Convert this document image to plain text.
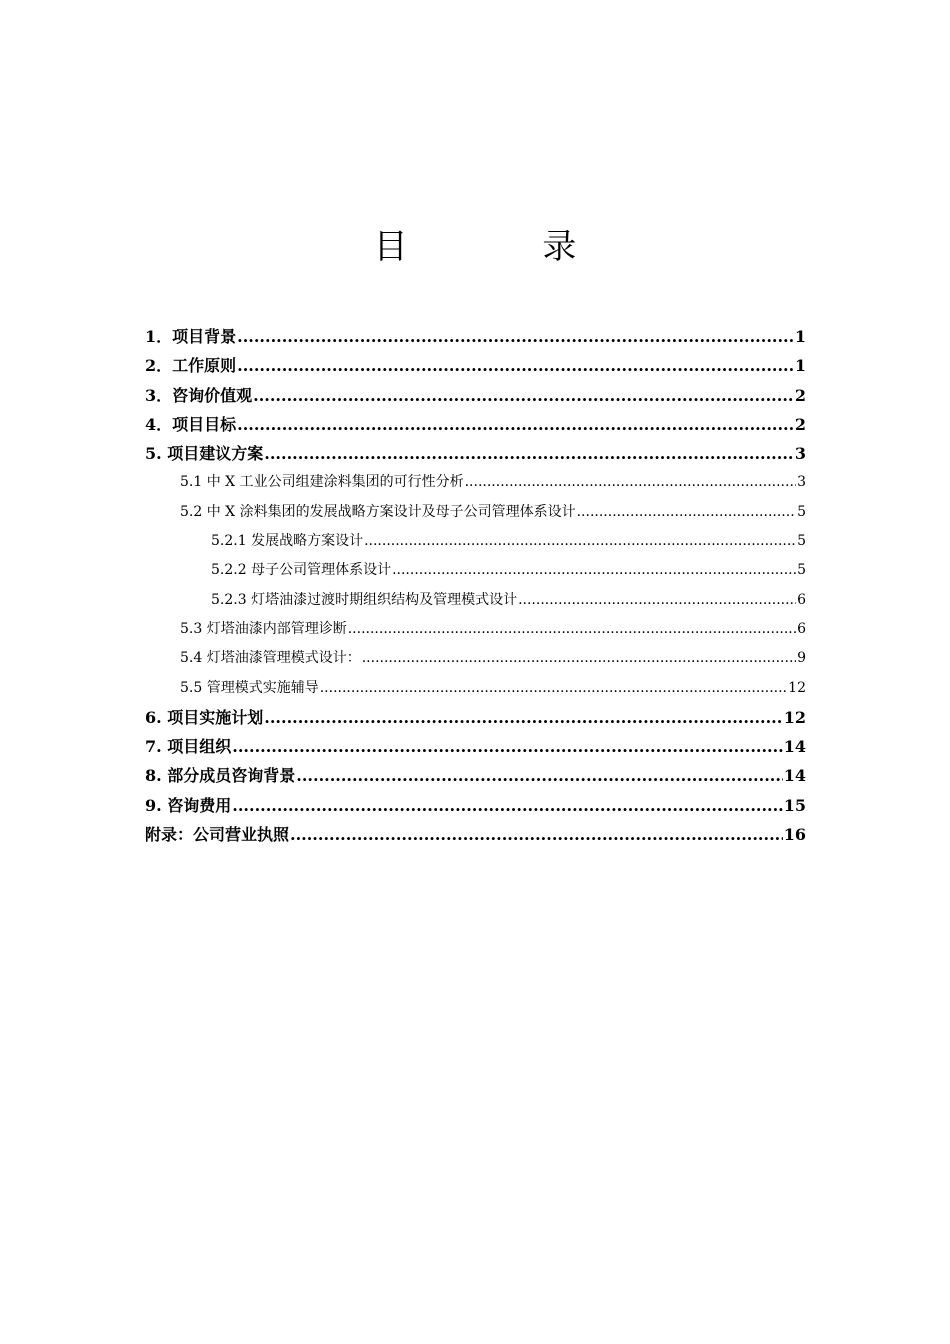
目 录
1．项目背景 .....	1
2．工作原则 .....	1
3．咨询价值观 .....	2
4．项目目标 .....	2
5. 项目建议方案 .....	3
5.1 中 X 工业公司组建涂料集团的可行性分析 .....	3
5.2 中 X 涂料集团的发展战略方案设计及母子公司管理体系设计 .....	5
5.2.1 发展战略方案设计 .....	5
5.2.2 母子公司管理体系设计 .....	5
5.2.3 灯塔油漆过渡时期组织结构及管理模式设计 .....	6
5.3 灯塔油漆内部管理诊断 .....	6
5.4 灯塔油漆管理模式设计： .....	9
5.5 管理模式实施辅导 .....	12
6. 项目实施计划 .....	12
7. 项目组织 .....	14
8. 部分成员咨询背景 .....	14
9. 咨询费用 .....	15
附录：公司营业执照 .....	16
